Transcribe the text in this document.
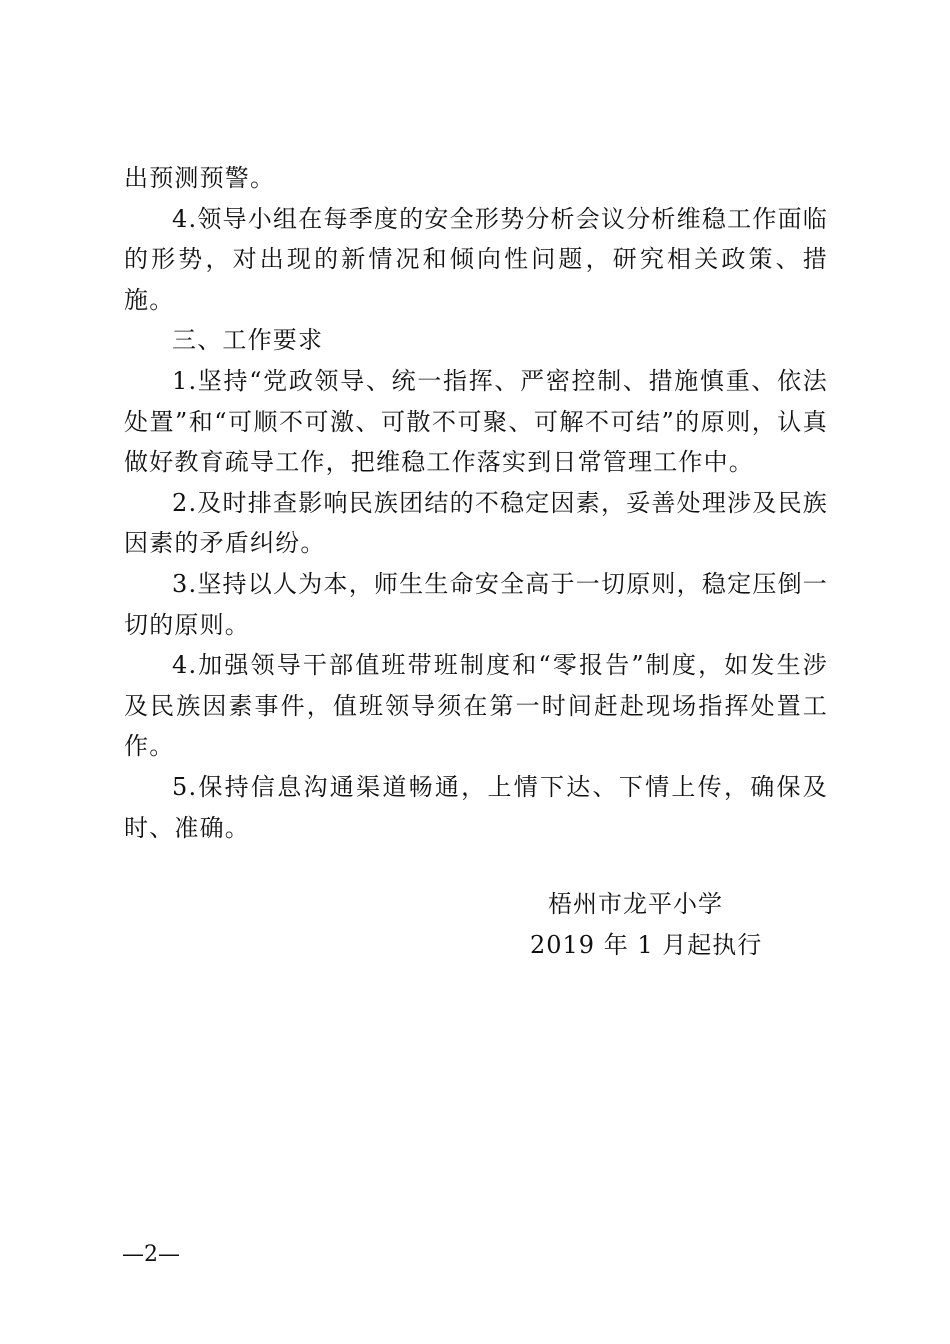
出预测预警。

4.领导小组在每季度的安全形势分析会议分析维稳工作面临的形势，对出现的新情况和倾向性问题，研究相关政策、措施。

三、工作要求

1.坚持“党政领导、统一指挥、严密控制、措施慎重、依法处置”和“可顺不可激、可散不可聚、可解不可结”的原则，认真做好教育疏导工作，把维稳工作落实到日常管理工作中。

2.及时排查影响民族团结的不稳定因素，妥善处理涉及民族因素的矛盾纠纷。

3.坚持以人为本，师生生命安全高于一切原则，稳定压倒一切的原则。

4.加强领导干部值班带班制度和“零报告”制度，如发生涉及民族因素事件，值班领导须在第一时间赶赴现场指挥处置工作。

5.保持信息沟通渠道畅通，上情下达、下情上传，确保及时、准确。

梧州市龙平小学
2019 年 1 月起执行
—2—
